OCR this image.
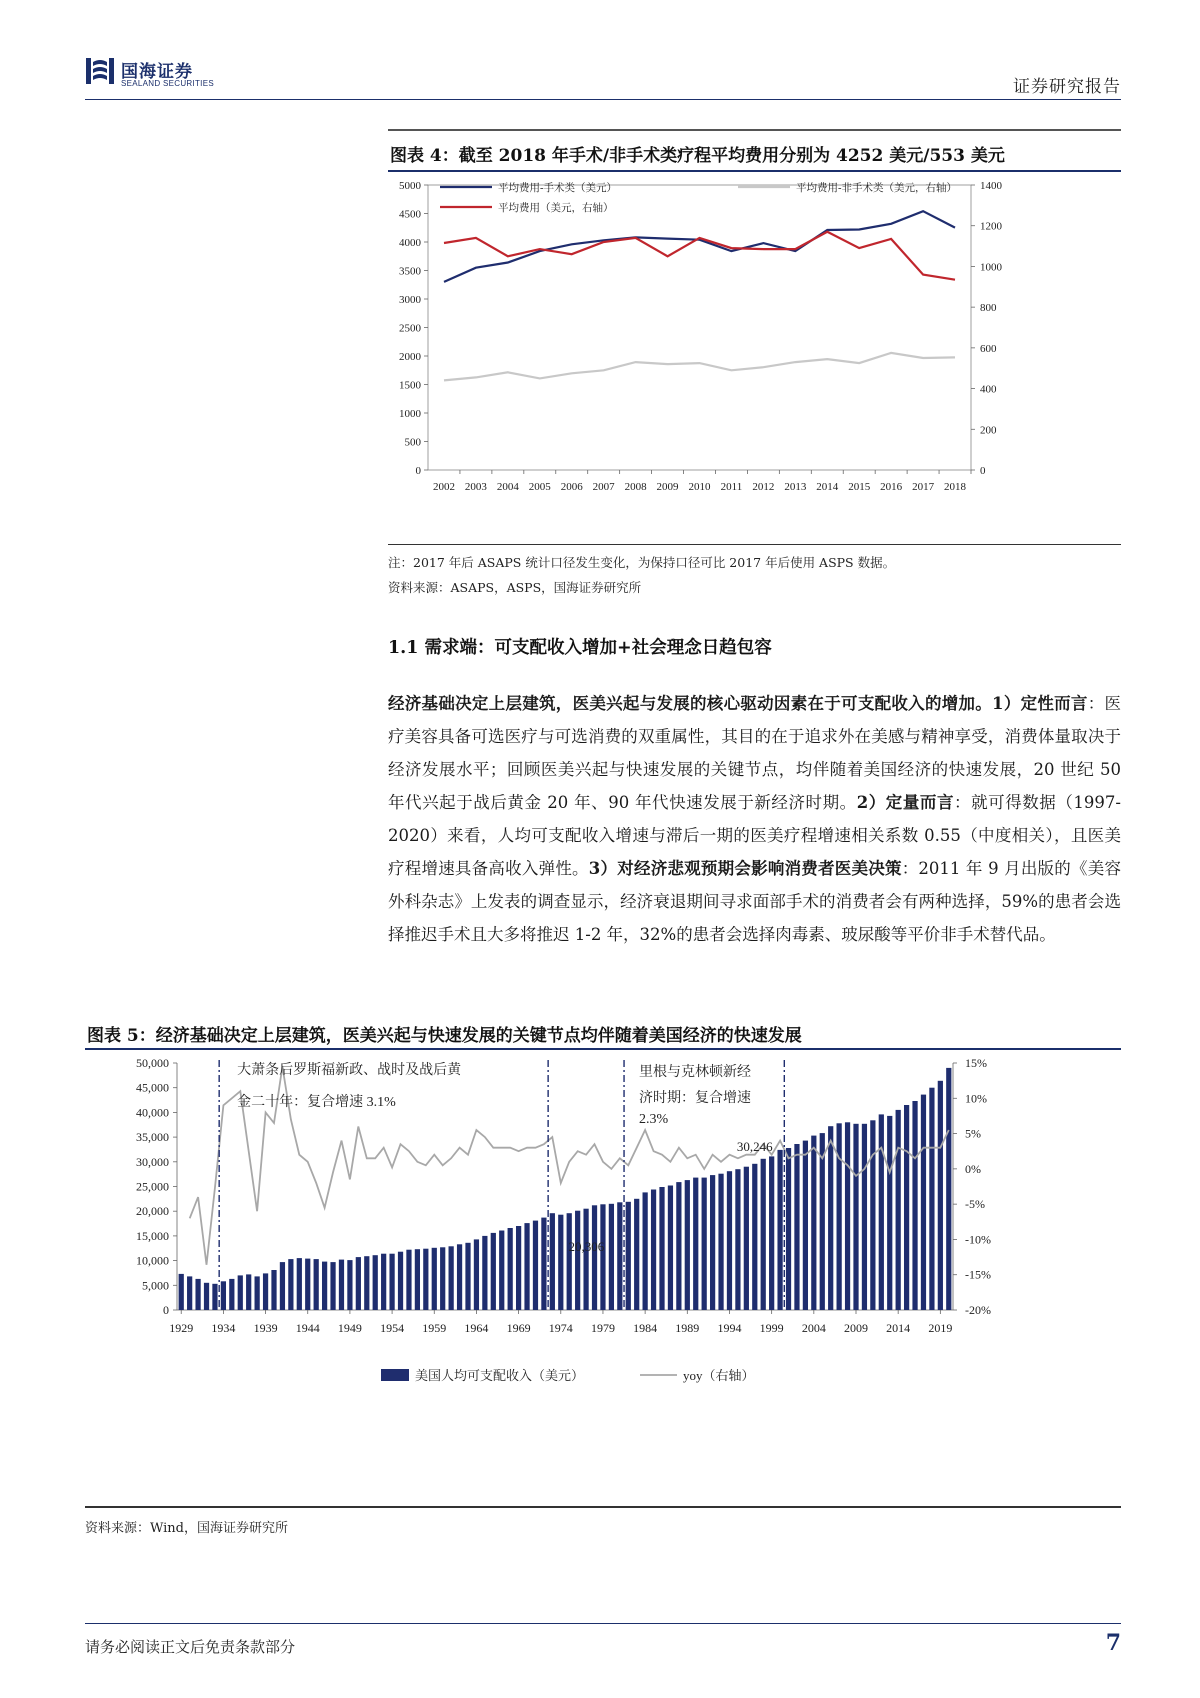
国海证券
SEALAND SECURITIES	证券研究报告
图表 4：截至 2018 年手术/非手术类疗程平均费用分别为 4252 美元/553 美元
5000
4500
4000
3500
3000
2500
2000
1500
1000
500
0
1400
1200
1000
800
600
400
200
0
2002 2003 2004 2005 2006 2007 2008 2009 2010 2011 2012 2013 2014 2015 2016 2017 2018
平均费用-手术类（美元）	平均费用-非手术类（美元，右轴）
平均费用（美元，右轴）
注：2017 年后 ASAPS 统计口径发生变化，为保持口径可比 2017 年后使用 ASPS 数据。
资料来源：ASAPS，ASPS，国海证券研究所
1.1 需求端：可支配收入增加+社会理念日趋包容
经济基础决定上层建筑，医美兴起与发展的核心驱动因素在于可支配收入的增加。1）定性而言：医疗美容具备可选医疗与可选消费的双重属性，其目的在于追求外在美感与精神享受，消费体量取决于经济发展水平；回顾医美兴起与快速发展的关键节点，均伴随着美国经济的快速发展，20 世纪 50 年代兴起于战后黄金 20 年、90 年代快速发展于新经济时期。2）定量而言：就可得数据（1997-2020）来看，人均可支配收入增速与滞后一期的医美疗程增速相关系数 0.55（中度相关），且医美疗程增速具备高收入弹性。3）对经济悲观预期会影响消费者医美决策：2011 年 9 月出版的《美容外科杂志》上发表的调查显示，经济衰退期间寻求面部手术的消费者会有两种选择，59%的患者会选择推迟手术且大多将推迟 1-2 年，32%的患者会选择肉毒素、玻尿酸等平价非手术替代品。
图表 5：经济基础决定上层建筑，医美兴起与快速发展的关键节点均伴随着美国经济的快速发展
50,000
45,000
40,000
35,000
30,000
25,000
20,000
15,000
10,000
5,000
0
15%
10%
5%
0%
-5%
-10%
-15%
-20%
1929 1934 1939 1944 1949 1954 1959 1964 1969 1974 1979 1984 1989 1994 1999 2004 2009 2014 2019
大萧条后罗斯福新政、战时及战后黄
金二十年：复合增速 3.1%
里根与克林顿新经
济时期：复合增速
2.3%
30,246
20,306
美国人均可支配收入（美元）	yoy（右轴）
资料来源：Wind，国海证券研究所
请务必阅读正文后免责条款部分	7
